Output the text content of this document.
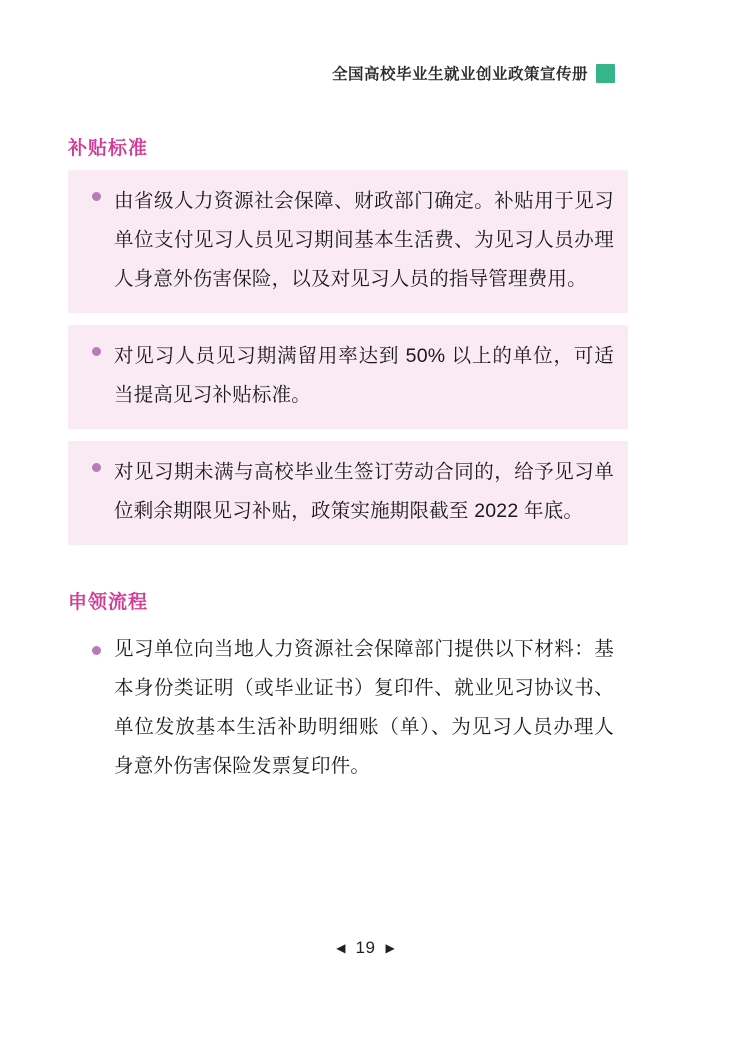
全国高校毕业生就业创业政策宣传册
补贴标准

由省级人力资源社会保障、财政部门确定。补贴用于见习单位支付见习人员见习期间基本生活费、为见习人员办理人身意外伤害保险，以及对见习人员的指导管理费用。

对见习人员见习期满留用率达到 50% 以上的单位，可适当提高见习补贴标准。

对见习期未满与高校毕业生签订劳动合同的，给予见习单位剩余期限见习补贴，政策实施期限截至 2022 年底。

申领流程

见习单位向当地人力资源社会保障部门提供以下材料：基本身份类证明（或毕业证书）复印件、就业见习协议书、单位发放基本生活补助明细账（单）、为见习人员办理人身意外伤害保险发票复印件。

◀ 19 ▶
